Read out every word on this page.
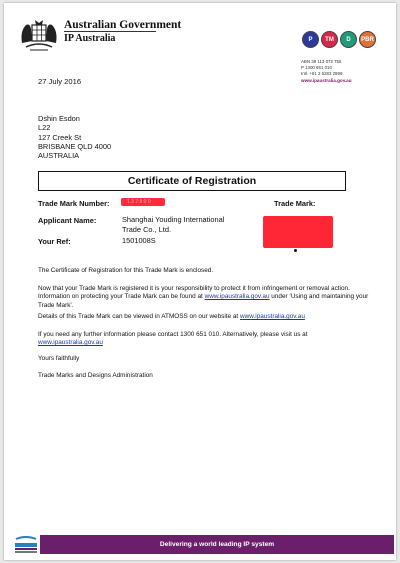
Australian Government
IP Australia	P	TM	D	PBR
ABN 38 113 072 755
P 1300 651 010
Intl. +61 2 6283 2999
www.ipaustralia.gov.au
27 July 2016
Dshin Esdon
L22
127 Creek St
BRISBANE QLD 4000
AUSTRALIA
Certificate of Registration
Trade Mark Number:	1 3 7 8 0 0	Trade Mark:
Applicant Name:	Shanghai Youding International
Trade Co., Ltd.
Your Ref:	1501008S
The Certificate of Registration for this Trade Mark is enclosed.
Now that your Trade Mark is registered it is your responsibility to protect it from infringement or removal action. Information on protecting your Trade Mark can be found at www.ipaustralia.gov.au under ‘Using and maintaining your Trade Mark’.
Details of this Trade Mark can be viewed in ATMOSS on our website at www.ipaustralia.gov.au
If you need any further information please contact 1300 651 010. Alternatively, please visit us at www.ipaustralia.gov.au
Yours faithfully
Trade Marks and Designs Administration
Delivering a world leading IP system
